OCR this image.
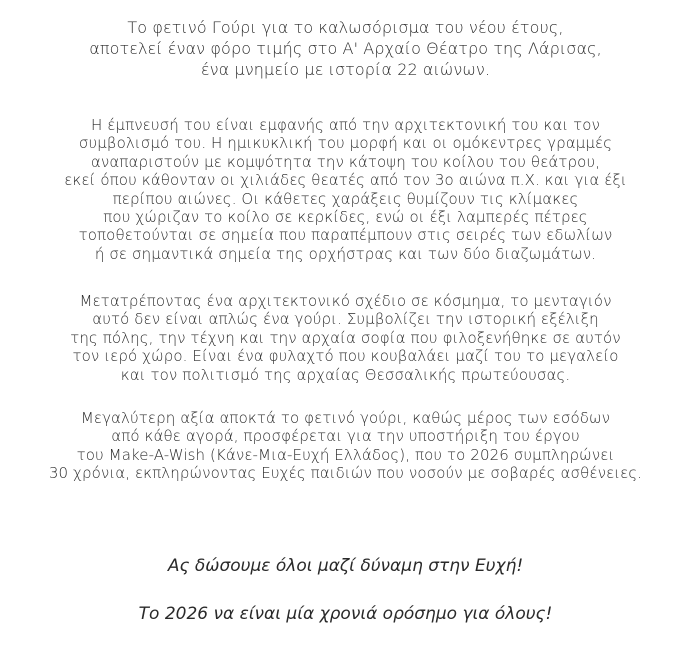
Το φετινό Γούρι για το καλωσόρισμα του νέου έτους,
αποτελεί έναν φόρο τιμής στο Α' Αρχαίο Θέατρο της Λάρισας,
ένα μνημείο με ιστορία 22 αιώνων.
Η έμπνευσή του είναι εμφανής από την αρχιτεκτονική του και τον
συμβολισμό του. Η ημικυκλική του μορφή και οι ομόκεντρες γραμμές
αναπαριστούν με κομψότητα την κάτοψη του κοίλου του θεάτρου,
εκεί όπου κάθονταν οι χιλιάδες θεατές από τον 3ο αιώνα π.Χ. και για έξι
περίπου αιώνες. Οι κάθετες χαράξεις θυμίζουν τις κλίμακες
που χώριζαν το κοίλο σε κερκίδες, ενώ οι έξι λαμπερές πέτρες
τοποθετούνται σε σημεία που παραπέμπουν στις σειρές των εδωλίων
ή σε σημαντικά σημεία της ορχήστρας και των δύο διαζωμάτων.
Μετατρέποντας ένα αρχιτεκτονικό σχέδιο σε κόσμημα, το μενταγιόν
αυτό δεν είναι απλώς ένα γούρι. Συμβολίζει την ιστορική εξέλιξη
της πόλης, την τέχνη και την αρχαία σοφία που φιλοξενήθηκε σε αυτόν
τον ιερό χώρο. Είναι ένα φυλαχτό που κουβαλάει μαζί του το μεγαλείο
και τον πολιτισμό της αρχαίας Θεσσαλικής πρωτεύουσας.
Μεγαλύτερη αξία αποκτά το φετινό γούρι, καθώς μέρος των εσόδων
από κάθε αγορά, προσφέρεται για την υποστήριξη του έργου
του Make-A-Wish (Κάνε-Μια-Ευχή Ελλάδος), που το 2026 συμπληρώνει
30 χρόνια, εκπληρώνοντας Ευχές παιδιών που νοσούν με σοβαρές ασθένειες.
Ας δώσουμε όλοι μαζί δύναμη στην Ευχή!
Το 2026 να είναι μία χρονιά ορόσημο για όλους!
